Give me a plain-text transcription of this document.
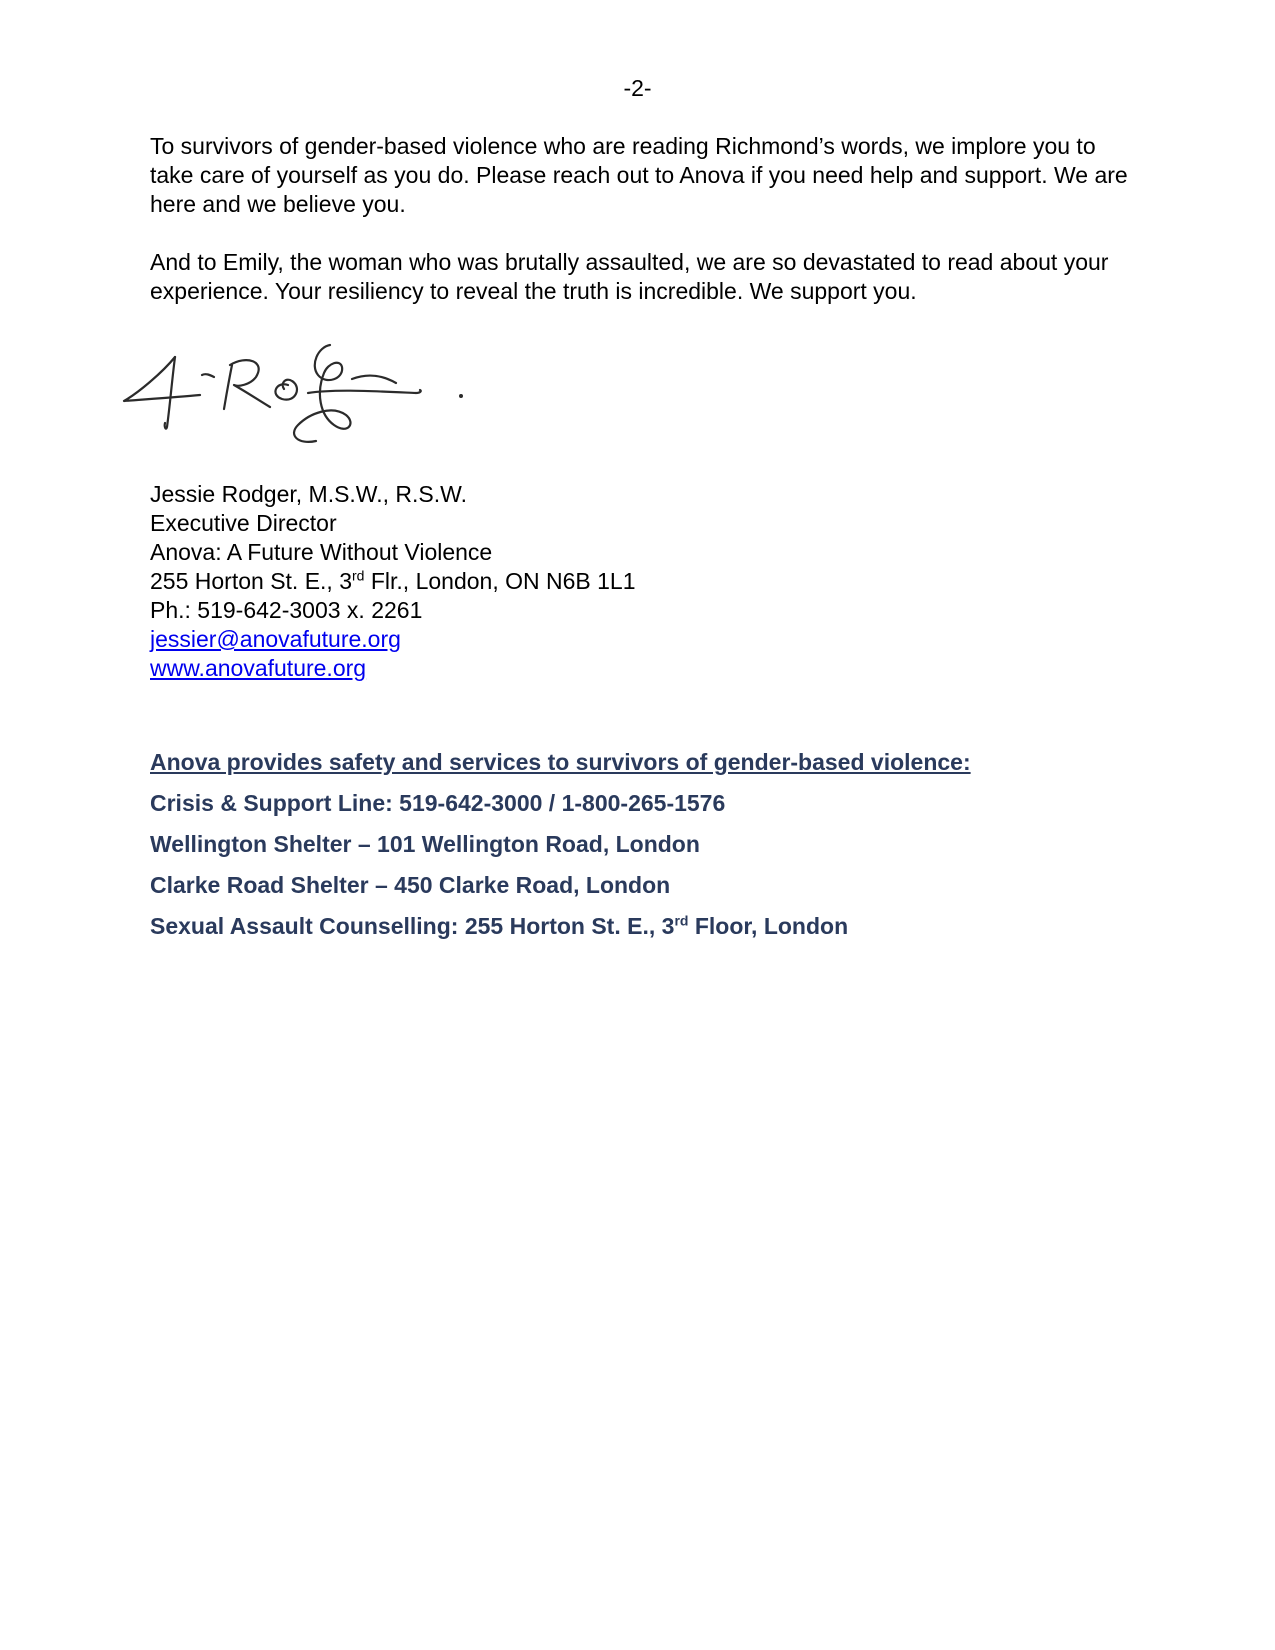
-2-

To survivors of gender-based violence who are reading Richmond’s words, we implore you to take care of yourself as you do. Please reach out to Anova if you need help and support. We are here and we believe you.

And to Emily, the woman who was brutally assaulted, we are so devastated to read about your experience. Your resiliency to reveal the truth is incredible. We support you.

Jessie Rodger, M.S.W., R.S.W.
Executive Director
Anova: A Future Without Violence
255 Horton St. E., 3rd Flr., London, ON N6B 1L1
Ph.: 519-642-3003 x. 2261
jessier@anovafuture.org
www.anovafuture.org
Anova provides safety and services to survivors of gender-based violence:
Crisis & Support Line: 519-642-3000 / 1-800-265-1576
Wellington Shelter – 101 Wellington Road, London
Clarke Road Shelter – 450 Clarke Road, London
Sexual Assault Counselling: 255 Horton St. E., 3rd Floor, London
